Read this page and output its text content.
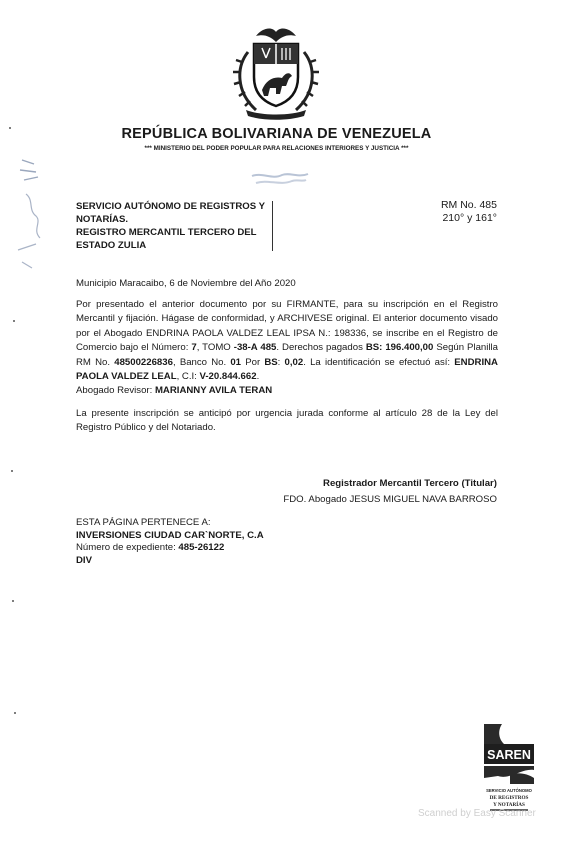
REPÚBLICA BOLIVARIANA DE VENEZUELA
*** MINISTERIO DEL PODER POPULAR PARA RELACIONES INTERIORES Y JUSTICIA ***
SERVICIO AUTÓNOMO DE REGISTROS Y
NOTARÍAS.
REGISTRO MERCANTIL TERCERO DEL
ESTADO ZULIA
RM No. 485
210° y 161°
Municipio Maracaibo, 6 de Noviembre del Año 2020
Por presentado el anterior documento por su FIRMANTE, para su inscripción en el Registro Mercantil y fijación. Hágase de conformidad, y ARCHIVESE original. El anterior documento visado por el Abogado ENDRINA PAOLA VALDEZ LEAL IPSA N.: 198336, se inscribe en el Registro de Comercio bajo el Número: 7, TOMO -38-A 485. Derechos pagados BS: 196.400,00 Según Planilla RM No. 48500226836, Banco No. 01 Por BS: 0,02. La identificación se efectuó así: ENDRINA PAOLA VALDEZ LEAL, C.I: V-20.844.662.
Abogado Revisor: MARIANNY AVILA TERAN
La presente inscripción se anticipó por urgencia jurada conforme al artículo 28 de la Ley del Registro Público y del Notariado.
Registrador Mercantil Tercero (Titular)
FDO. Abogado JESUS MIGUEL NAVA BARROSO
ESTA PÁGINA PERTENECE A:
INVERSIONES CIUDAD CAR`NORTE, C.A
Número de expediente: 485-26122
DIV
SAREN
SERVICIO AUTÓNOMO
DE REGISTROS
Y NOTARÍAS
Scanned by Easy Scanner
